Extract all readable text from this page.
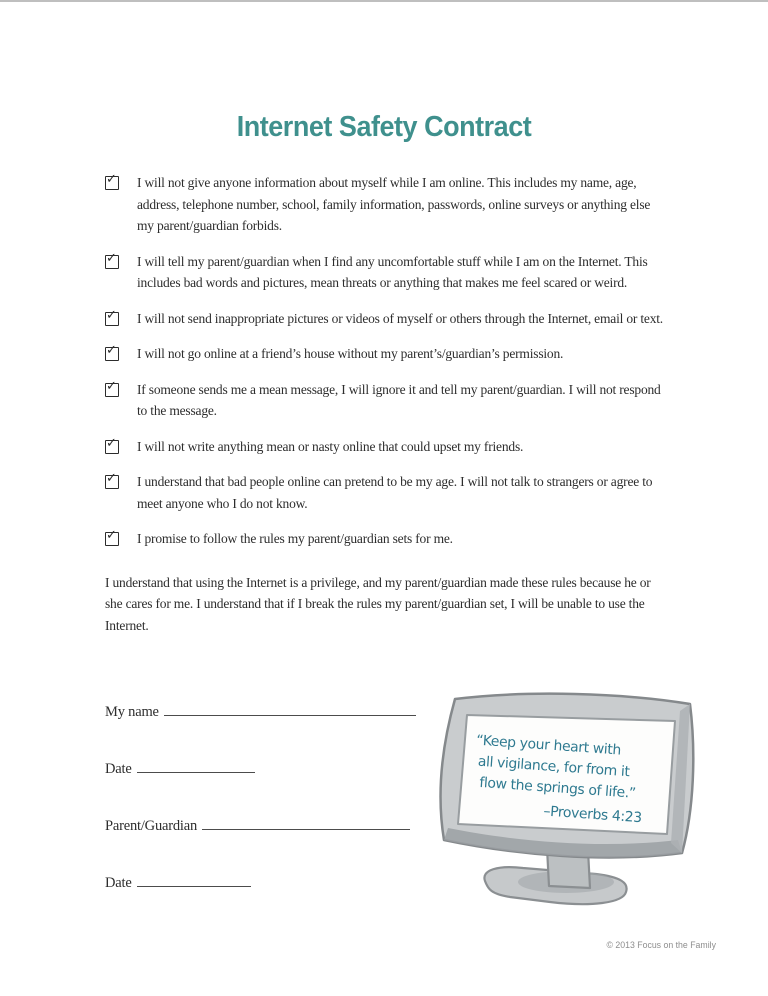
Internet Safety Contract
✓ I will not give anyone information about myself while I am online. This includes my name, age, address, telephone number, school, family information, passwords, online surveys or anything else my parent/guardian forbids.

✓ I will tell my parent/guardian when I find any uncomfortable stuff while I am on the Internet. This includes bad words and pictures, mean threats or anything that makes me feel scared or weird.

✓ I will not send inappropriate pictures or videos of myself or others through the Internet, email or text.

✓ I will not go online at a friend’s house without my parent’s/guardian’s permission.

✓ If someone sends me a mean message, I will ignore it and tell my parent/guardian. I will not respond to the message.

✓ I will not write anything mean or nasty online that could upset my friends.

✓ I understand that bad people online can pretend to be my age. I will not talk to strangers or agree to meet anyone who I do not know.

✓ I promise to follow the rules my parent/guardian sets for me.

I understand that using the Internet is a privilege, and my parent/guardian made these rules because he or she cares for me. I understand that if I break the rules my parent/guardian set, I will be unable to use the Internet.

My name
Date
Parent/Guardian
Date
“Keep your heart with
all vigilance, for from it
flow the springs of life.”
–Proverbs 4:23
© 2013 Focus on the Family
